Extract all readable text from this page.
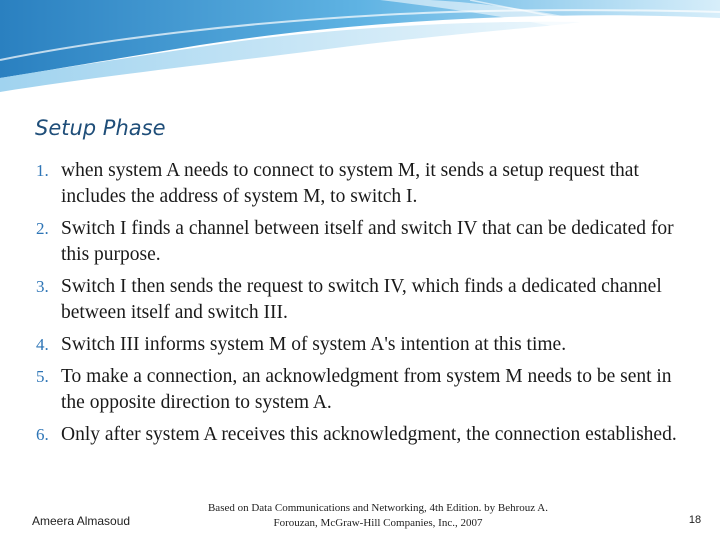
Setup Phase
1. when system A needs to connect to system M, it sends a setup request that includes the address of system M, to switch I.
2. Switch I finds a channel between itself and switch IV that can be dedicated for this purpose.
3. Switch I then sends the request to switch IV, which finds a dedicated channel between itself and switch III.
4. Switch III informs system M of system A's intention at this time.
5. To make a connection, an acknowledgment from system M needs to be sent in the opposite direction to system A.
6. Only after system A receives this acknowledgment, the connection established.
Ameera Almasoud
Based on Data Communications and Networking, 4th Edition. by Behrouz A.
Forouzan, McGraw-Hill Companies, Inc., 2007	18
